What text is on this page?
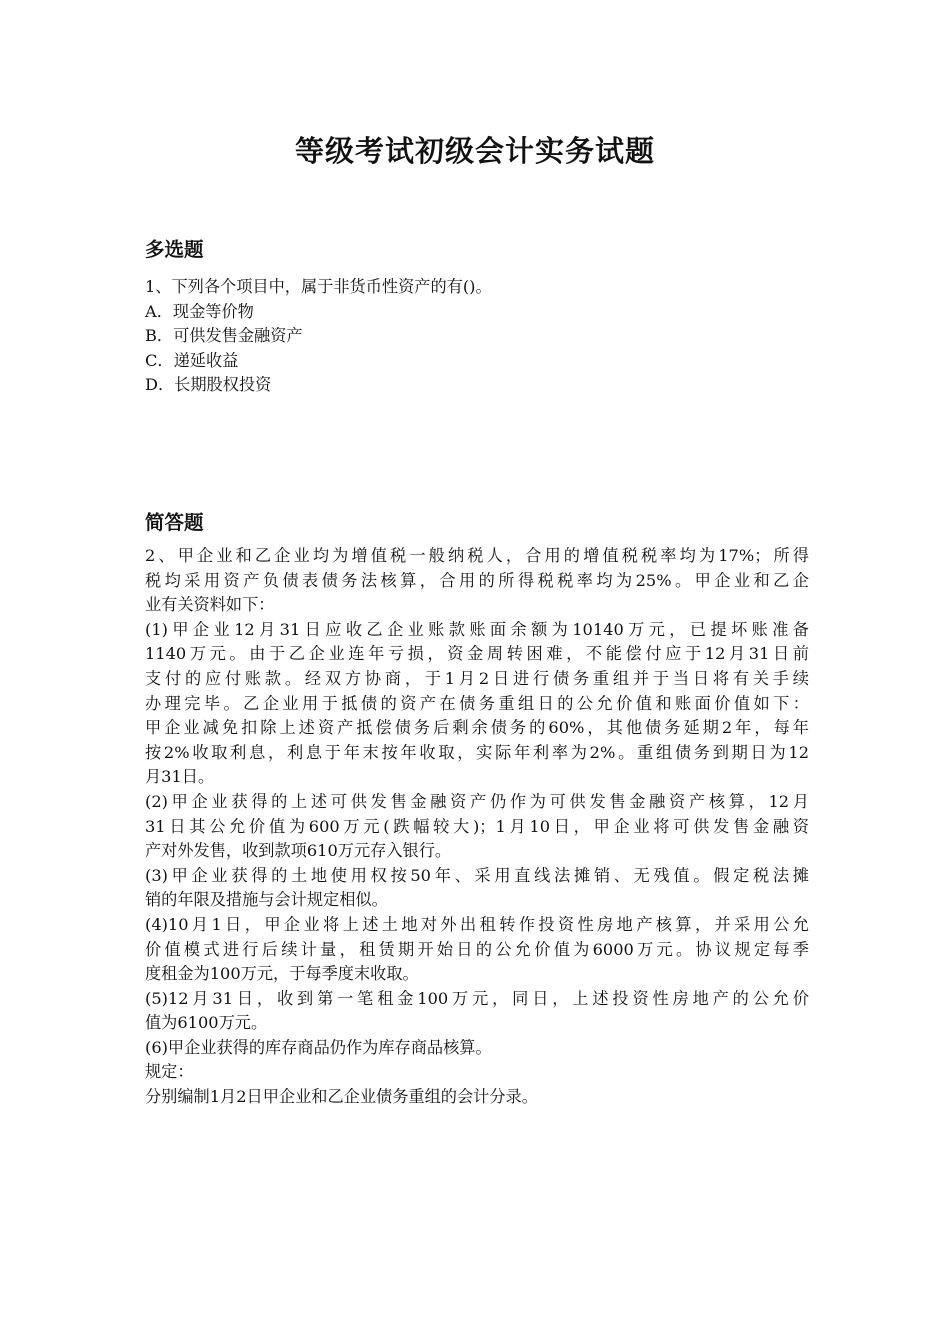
等级考试初级会计实务试题
多选题
1、下列各个项目中，属于非货币性资产的有()。
A．现金等价物
B．可供发售金融资产
C．递延收益
D．长期股权投资
简答题
2、甲企业和乙企业均为增值税一般纳税人，合用的增值税税率均为17%；所得
税均采用资产负债表债务法核算，合用的所得税税率均为25%。甲企业和乙企
业有关资料如下：
(1)甲企业12月31日应收乙企业账款账面余额为10140万元，已提坏账准备
1140万元。由于乙企业连年亏损，资金周转困难，不能偿付应于12月31日前
支付的应付账款。经双方协商，于1月2日进行债务重组并于当日将有关手续
办理完毕。乙企业用于抵债的资产在债务重组日的公允价值和账面价值如下：
甲企业减免扣除上述资产抵偿债务后剩余债务的60%，其他债务延期2年，每年
按2%收取利息，利息于年末按年收取，实际年利率为2%。重组债务到期日为12
月31日。
(2)甲企业获得的上述可供发售金融资产仍作为可供发售金融资产核算，12月
31日其公允价值为600万元(跌幅较大)；1月10日，甲企业将可供发售金融资
产对外发售，收到款项610万元存入银行。
(3)甲企业获得的土地使用权按50年、采用直线法摊销、无残值。假定税法摊
销的年限及措施与会计规定相似。
(4)10月1日，甲企业将上述土地对外出租转作投资性房地产核算，并采用公允
价值模式进行后续计量，租赁期开始日的公允价值为6000万元。协议规定每季
度租金为100万元，于每季度末收取。
(5)12月31日，收到第一笔租金100万元，同日，上述投资性房地产的公允价
值为6100万元。
(6)甲企业获得的库存商品仍作为库存商品核算。
规定：
分别编制1月2日甲企业和乙企业债务重组的会计分录。
